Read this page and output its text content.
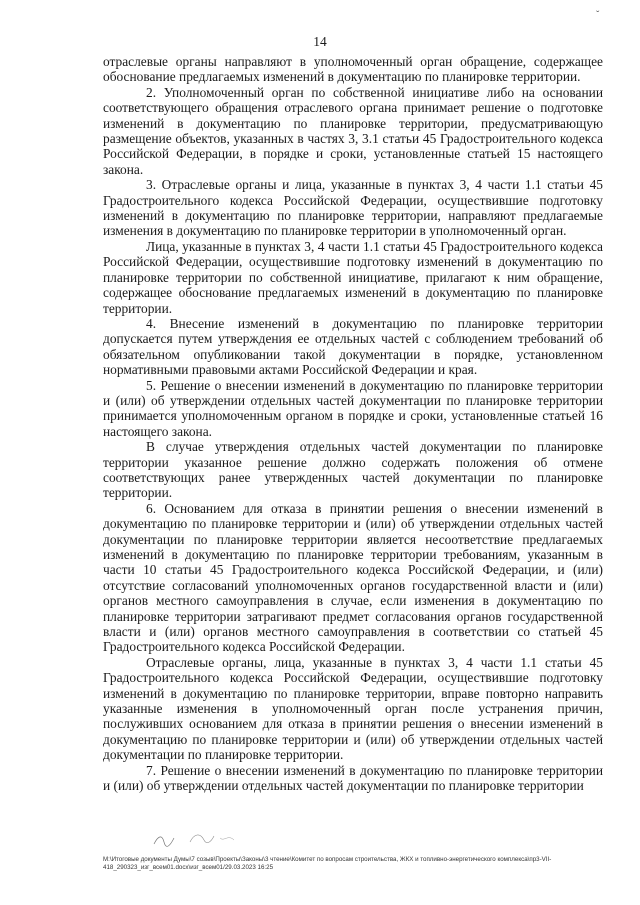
ˇ
14

отраслевые органы направляют в уполномоченный орган обращение, содержащее обоснование предлагаемых изменений в документацию по планировке территории.

2. Уполномоченный орган по собственной инициативе либо на основании соответствующего обращения отраслевого органа принимает решение о подготовке изменений в документацию по планировке территории, предусматривающую размещение объектов, указанных в частях 3, 3.1 статьи 45 Градостроительного кодекса Российской Федерации, в порядке и сроки, установленные статьей 15 настоящего закона.

3. Отраслевые органы и лица, указанные в пунктах 3, 4 части 1.1 статьи 45 Градостроительного кодекса Российской Федерации, осуществившие подготовку изменений в документацию по планировке территории, направляют предлагаемые изменения в документацию по планировке территории в уполномоченный орган.

Лица, указанные в пунктах 3, 4 части 1.1 статьи 45 Градостроительного кодекса Российской Федерации, осуществившие подготовку изменений в документацию по планировке территории по собственной инициативе, прилагают к ним обращение, содержащее обоснование предлагаемых изменений в документацию по планировке территории.

4. Внесение изменений в документацию по планировке территории допускается путем утверждения ее отдельных частей с соблюдением требований об обязательном опубликовании такой документации в порядке, установленном нормативными правовыми актами Российской Федерации и края.

5. Решение о внесении изменений в документацию по планировке территории и (или) об утверждении отдельных частей документации по планировке территории принимается уполномоченным органом в порядке и сроки, установленные статьей 16 настоящего закона.

В случае утверждения отдельных частей документации по планировке территории указанное решение должно содержать положения об отмене соответствующих ранее утвержденных частей документации по планировке территории.

6. Основанием для отказа в принятии решения о внесении изменений в документацию по планировке территории и (или) об утверждении отдельных частей документации по планировке территории является несоответствие предлагаемых изменений в документацию по планировке территории требованиям, указанным в части 10 статьи 45 Градостроительного кодекса Российской Федерации, и (или) отсутствие согласований уполномоченных органов государственной власти и (или) органов местного самоуправления в случае, если изменения в документацию по планировке территории затрагивают предмет согласования органов государственной власти и (или) органов местного самоуправления в соответствии со статьей 45 Градостроительного кодекса Российской Федерации.

Отраслевые органы, лица, указанные в пунктах 3, 4 части 1.1 статьи 45 Градостроительного кодекса Российской Федерации, осуществившие подготовку изменений в документацию по планировке территории, вправе повторно направить указанные изменения в уполномоченный орган после устранения причин, послуживших основанием для отказа в принятии решения о внесении изменений в документацию по планировке территории и (или) об утверждении отдельных частей документации по планировке территории.

7. Решение о внесении изменений в документацию по планировке территории и (или) об утверждении отдельных частей документации по планировке территории

М:\Итоговые документы Думы\7 созыв\Проекты\Законы\3 чтение\Комитет по вопросам строительства, ЖКХ и топливно-энергетического комплекса\пр3-VII-418_290323_изг_всем01.docx\изг_всем01/29.03.2023 16:25
